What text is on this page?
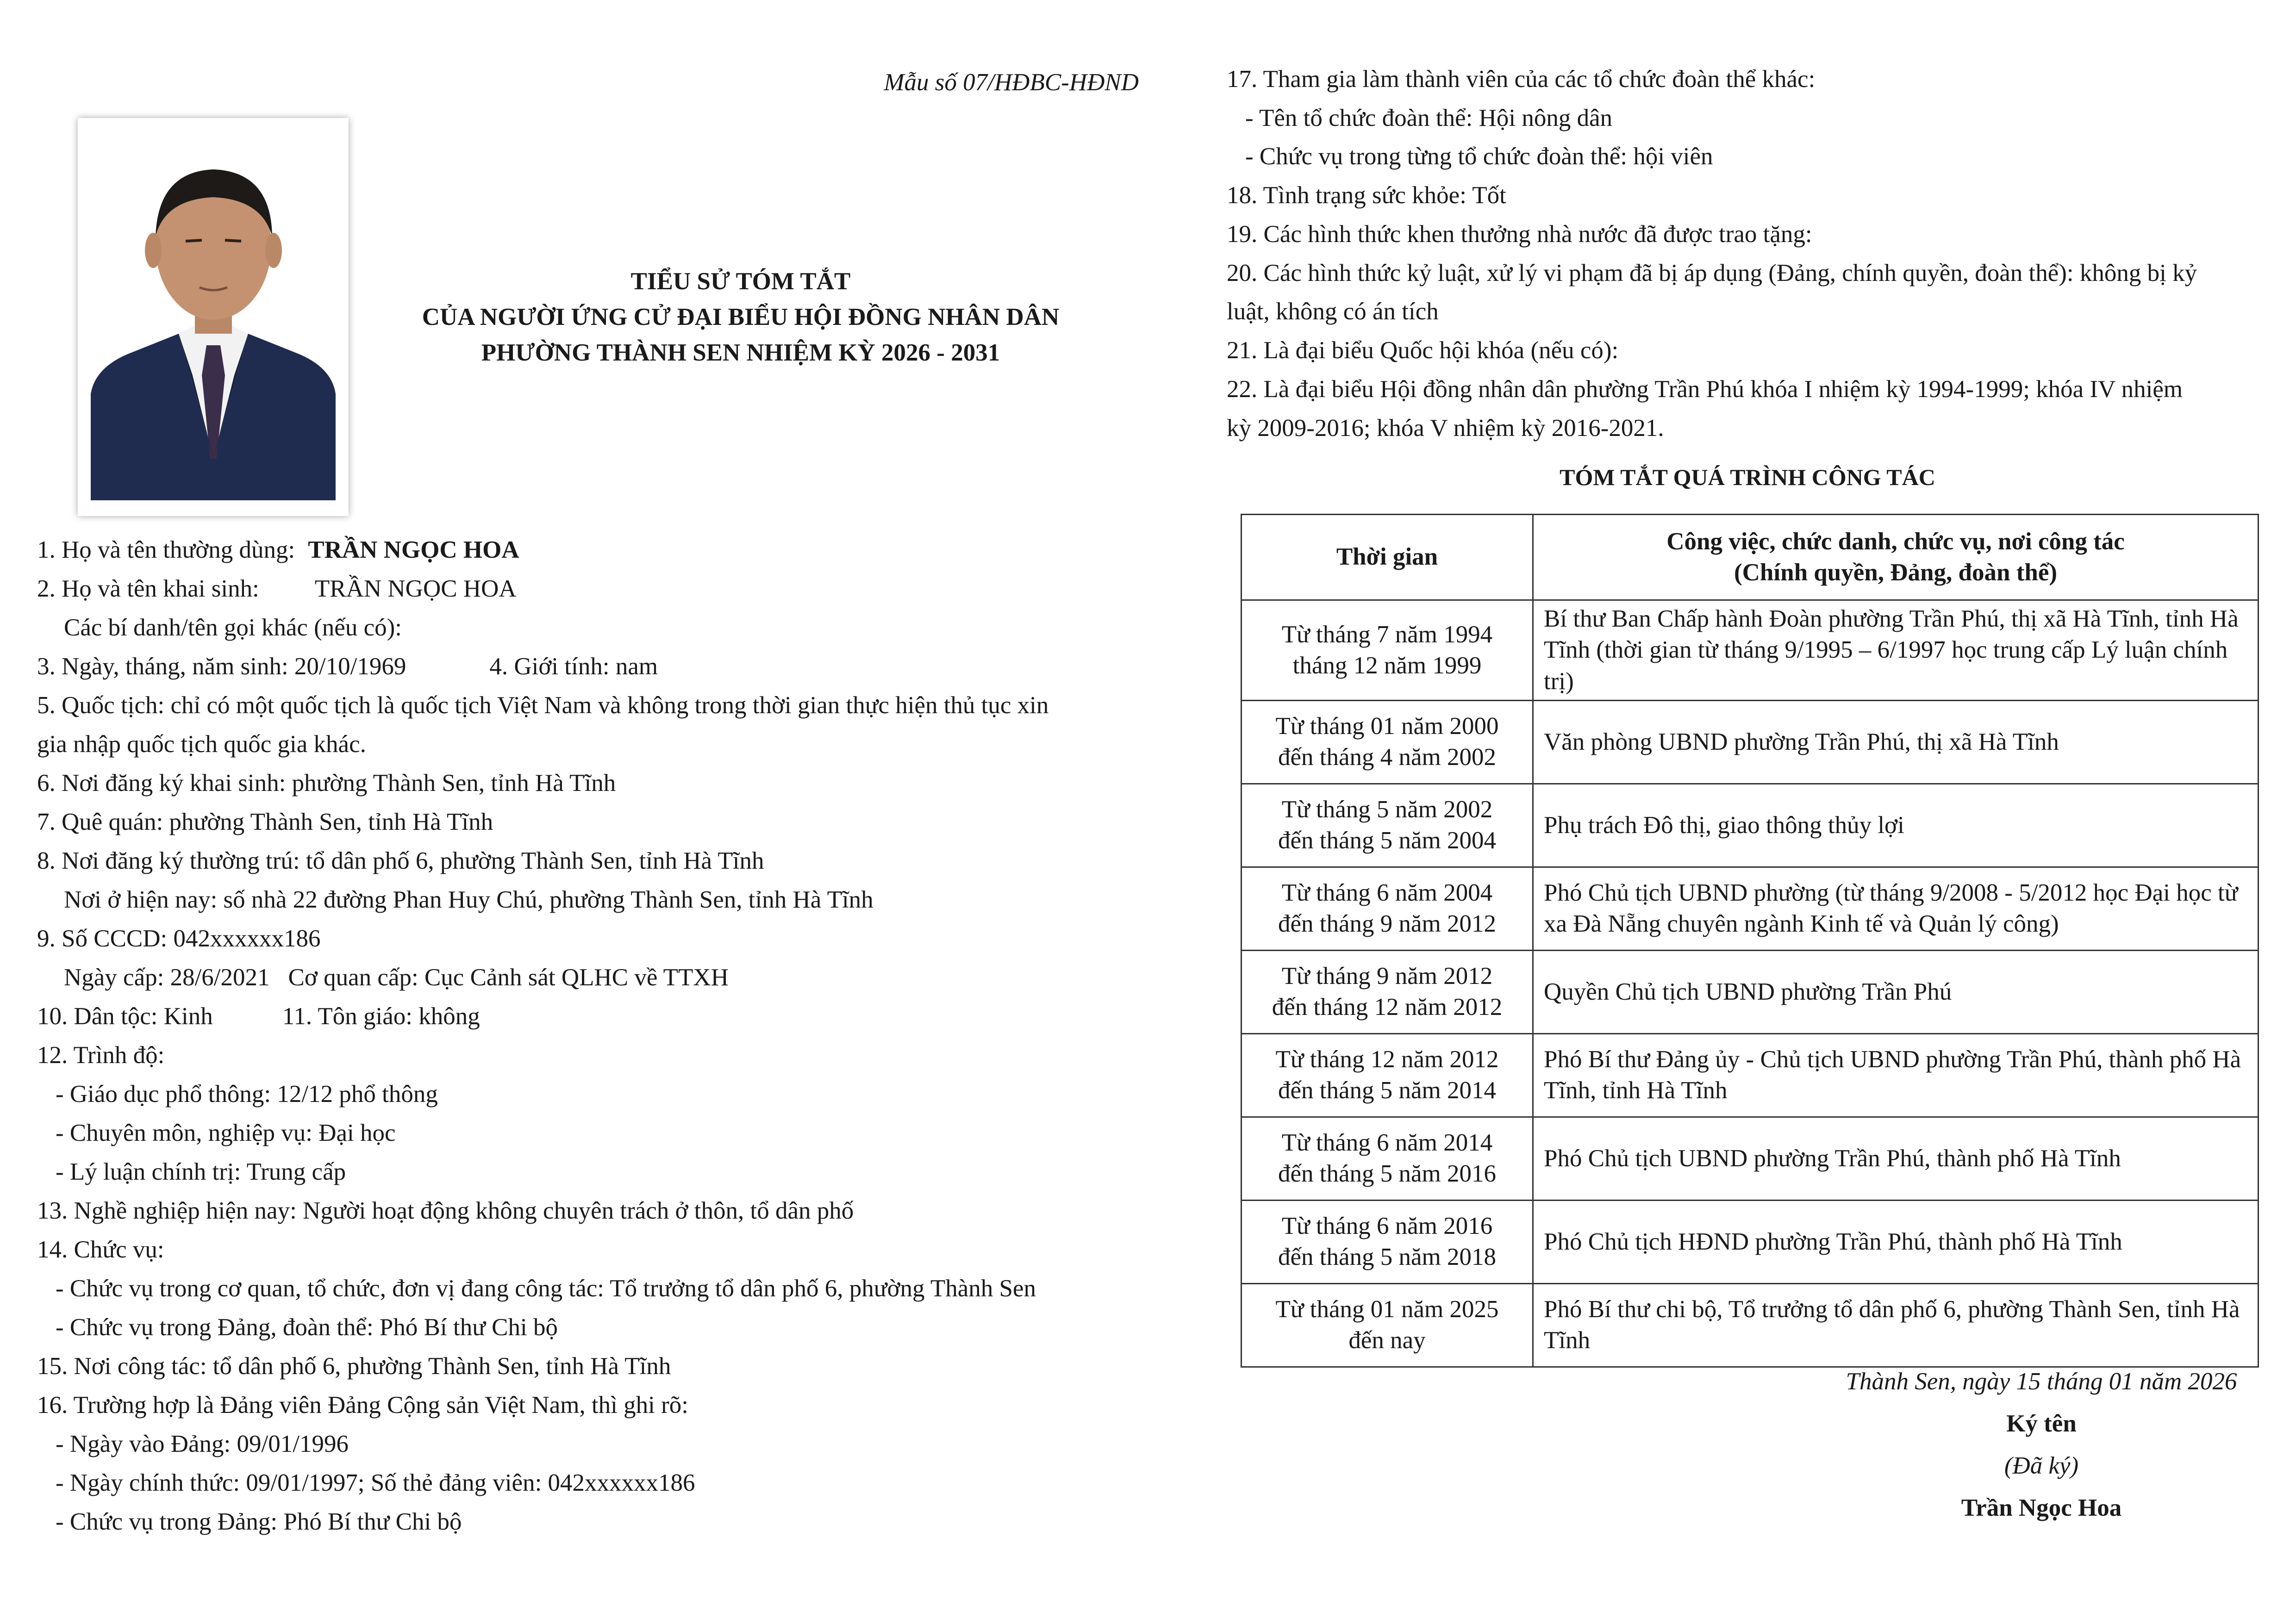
Mẫu số 07/HĐBC-HĐND
TIỂU SỬ TÓM TẮT
CỦA NGƯỜI ỨNG CỬ ĐẠI BIỂU HỘI ĐỒNG NHÂN DÂN
PHƯỜNG THÀNH SEN NHIỆM KỲ 2026 - 2031
1. Họ và tên thường dùng: TRẦN NGỌC HOA
2. Họ và tên khai sinh: TRẦN NGỌC HOA
Các bí danh/tên gọi khác (nếu có):
3. Ngày, tháng, năm sinh: 20/10/1969	4. Giới tính: nam
5. Quốc tịch: chỉ có một quốc tịch là quốc tịch Việt Nam và không trong thời gian thực hiện thủ tục xin
gia nhập quốc tịch quốc gia khác.
6. Nơi đăng ký khai sinh: phường Thành Sen, tỉnh Hà Tĩnh
7. Quê quán: phường Thành Sen, tỉnh Hà Tĩnh
8. Nơi đăng ký thường trú: tổ dân phố 6, phường Thành Sen, tỉnh Hà Tĩnh
Nơi ở hiện nay: số nhà 22 đường Phan Huy Chú, phường Thành Sen, tỉnh Hà Tĩnh
9. Số CCCD: 042xxxxxx186
Ngày cấp: 28/6/2021 Cơ quan cấp: Cục Cảnh sát QLHC về TTXH
10. Dân tộc: Kinh	11. Tôn giáo: không
12. Trình độ:
- Giáo dục phổ thông: 12/12 phổ thông
- Chuyên môn, nghiệp vụ: Đại học
- Lý luận chính trị: Trung cấp
13. Nghề nghiệp hiện nay: Người hoạt động không chuyên trách ở thôn, tổ dân phố
14. Chức vụ:
- Chức vụ trong cơ quan, tổ chức, đơn vị đang công tác: Tổ trưởng tổ dân phố 6, phường Thành Sen
- Chức vụ trong Đảng, đoàn thể: Phó Bí thư Chi bộ
15. Nơi công tác: tổ dân phố 6, phường Thành Sen, tỉnh Hà Tĩnh
16. Trường hợp là Đảng viên Đảng Cộng sản Việt Nam, thì ghi rõ:
- Ngày vào Đảng: 09/01/1996
- Ngày chính thức: 09/01/1997; Số thẻ đảng viên: 042xxxxxx186
- Chức vụ trong Đảng: Phó Bí thư Chi bộ
17. Tham gia làm thành viên của các tổ chức đoàn thể khác:
- Tên tổ chức đoàn thể: Hội nông dân
- Chức vụ trong từng tổ chức đoàn thể: hội viên
18. Tình trạng sức khỏe: Tốt
19. Các hình thức khen thưởng nhà nước đã được trao tặng:
20. Các hình thức kỷ luật, xử lý vi phạm đã bị áp dụng (Đảng, chính quyền, đoàn thể): không bị kỷ
luật, không có án tích
21. Là đại biểu Quốc hội khóa (nếu có):
22. Là đại biểu Hội đồng nhân dân phường Trần Phú khóa I nhiệm kỳ 1994-1999; khóa IV nhiệm
kỳ 2009-2016; khóa V nhiệm kỳ 2016-2021.
TÓM TẮT QUÁ TRÌNH CÔNG TÁC
Thời gian	Công việc, chức danh, chức vụ, nơi công tác
(Chính quyền, Đảng, đoàn thể)

Từ tháng 7 năm 1994
tháng 12 năm 1999	Bí thư Ban Chấp hành Đoàn phường Trần Phú, thị xã Hà Tĩnh, tỉnh Hà Tĩnh (thời gian từ tháng 9/1995 – 6/1997 học trung cấp Lý luận chính trị)

Từ tháng 01 năm 2000
đến tháng 4 năm 2002	Văn phòng UBND phường Trần Phú, thị xã Hà Tĩnh

Từ tháng 5 năm 2002
đến tháng 5 năm 2004	Phụ trách Đô thị, giao thông thủy lợi

Từ tháng 6 năm 2004
đến tháng 9 năm 2012	Phó Chủ tịch UBND phường (từ tháng 9/2008 - 5/2012 học Đại học từ xa Đà Nẵng chuyên ngành Kinh tế và Quản lý công)

Từ tháng 9 năm 2012
đến tháng 12 năm 2012	Quyền Chủ tịch UBND phường Trần Phú

Từ tháng 12 năm 2012
đến tháng 5 năm 2014	Phó Bí thư Đảng ủy - Chủ tịch UBND phường Trần Phú, thành phố Hà Tĩnh, tỉnh Hà Tĩnh

Từ tháng 6 năm 2014
đến tháng 5 năm 2016	Phó Chủ tịch UBND phường Trần Phú, thành phố Hà Tĩnh

Từ tháng 6 năm 2016
đến tháng 5 năm 2018	Phó Chủ tịch HĐND phường Trần Phú, thành phố Hà Tĩnh

Từ tháng 01 năm 2025
đến nay	Phó Bí thư chi bộ, Tổ trưởng tổ dân phố 6, phường Thành Sen, tỉnh Hà Tĩnh
Thành Sen, ngày 15 tháng 01 năm 2026
Ký tên
(Đã ký)
Trần Ngọc Hoa
